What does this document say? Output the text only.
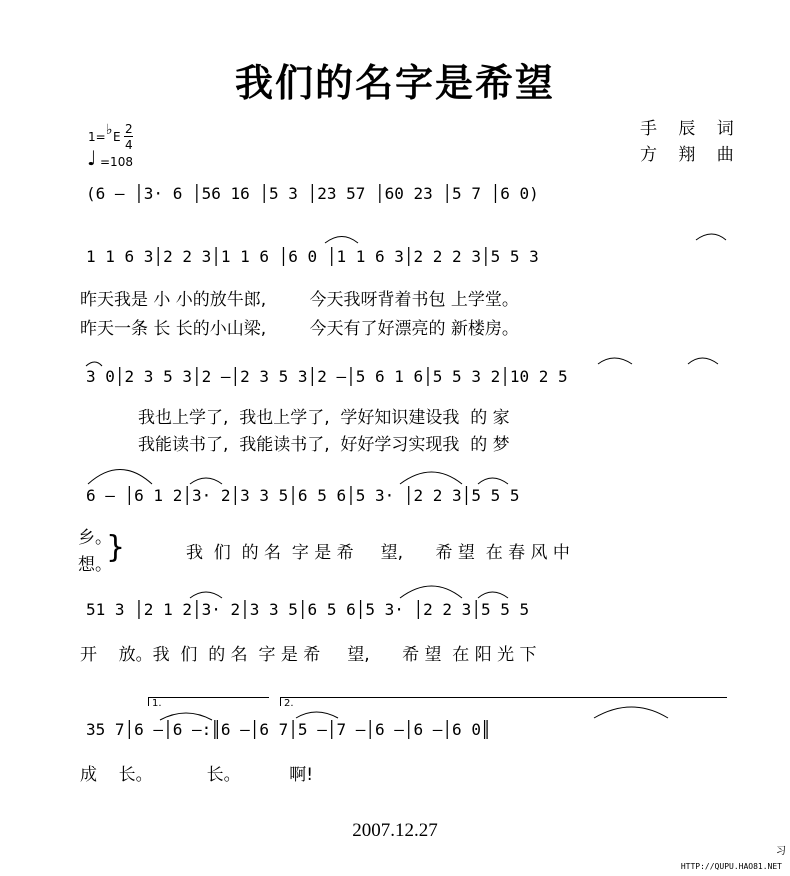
我们的名字是希望
手 辰 词
方 翔 曲
1= ♭ E
2
4
♩ =108
(6 – │3· 6 │56 16 │5 3 │23 57 │60 23 │5 7 │6 0)
1 1 6 3│2 2 3│1 1 6 │6 0 │1 1 6 3│2 2 2 3│5 5 3
昨天我是 小 小的放牛郎,        今天我呀背着书包 上学堂。
昨天一条 长 长的小山梁,        今天有了好漂亮的 新楼房。
3 0│2 3 5 3│2 –│2 3 5 3│2 –│5 6 1 6│5 5 3 2│10 2 5
我也上学了,  我也上学了,  学好知识建设我  的 家
我能读书了,  我能读书了,  好好学习实现我  的 梦
6 – │6 1 2│3· 2│3 3 5│6 5 6│5 3· │2 2 3│5 5 5
乡。
想。
}	我  们  的 名  字 是 希     望,      希 望  在 春 风 中
51 3 │2 1 2│3· 2│3 3 5│6 5 6│5 3· │2 2 3│5 5 5
开    放。我  们  的 名  字 是 希     望,      希 望  在 阳 光 下
1.	2.
35 7│6 –│6 –:║6 –│6 7│5 –│7 –│6 –│6 –│6 0║
成    长。          长。         啊!
2007.12.27
HTTP://QUPU.HAO81.NET
习
